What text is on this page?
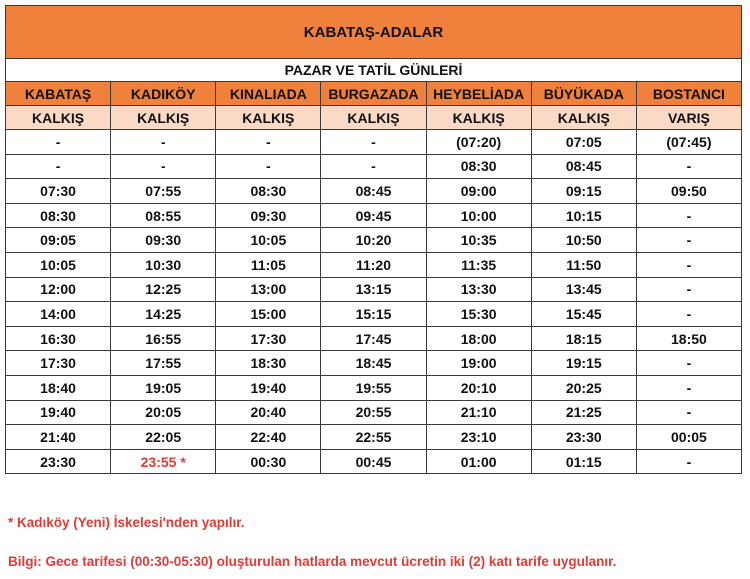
KABATAŞ-ADALAR						
PAZAR VE TATİL GÜNLERİ						
KABATAŞ	KADIKÖY	KINALIADA	BURGAZADA	HEYBELİADA	BÜYÜKADA	BOSTANCI
KALKIŞ	KALKIŞ	KALKIŞ	KALKIŞ	KALKIŞ	KALKIŞ	VARIŞ
-	-	-	-	(07:20)	07:05	(07:45)
-	-	-	-	08:30	08:45	-
07:30	07:55	08:30	08:45	09:00	09:15	09:50
08:30	08:55	09:30	09:45	10:00	10:15	-
09:05	09:30	10:05	10:20	10:35	10:50	-
10:05	10:30	11:05	11:20	11:35	11:50	-
12:00	12:25	13:00	13:15	13:30	13:45	-
14:00	14:25	15:00	15:15	15:30	15:45	-
16:30	16:55	17:30	17:45	18:00	18:15	18:50
17:30	17:55	18:30	18:45	19:00	19:15	-
18:40	19:05	19:40	19:55	20:10	20:25	-
19:40	20:05	20:40	20:55	21:10	21:25	-
21:40	22:05	22:40	22:55	23:10	23:30	00:05
23:30	23:55 *	00:30	00:45	01:00	01:15	-
* Kadıköy (Yeni) İskelesi'nden yapılır.
Bilgi: Gece tarifesi (00:30-05:30) oluşturulan hatlarda mevcut ücretin iki (2) katı tarife uygulanır.
